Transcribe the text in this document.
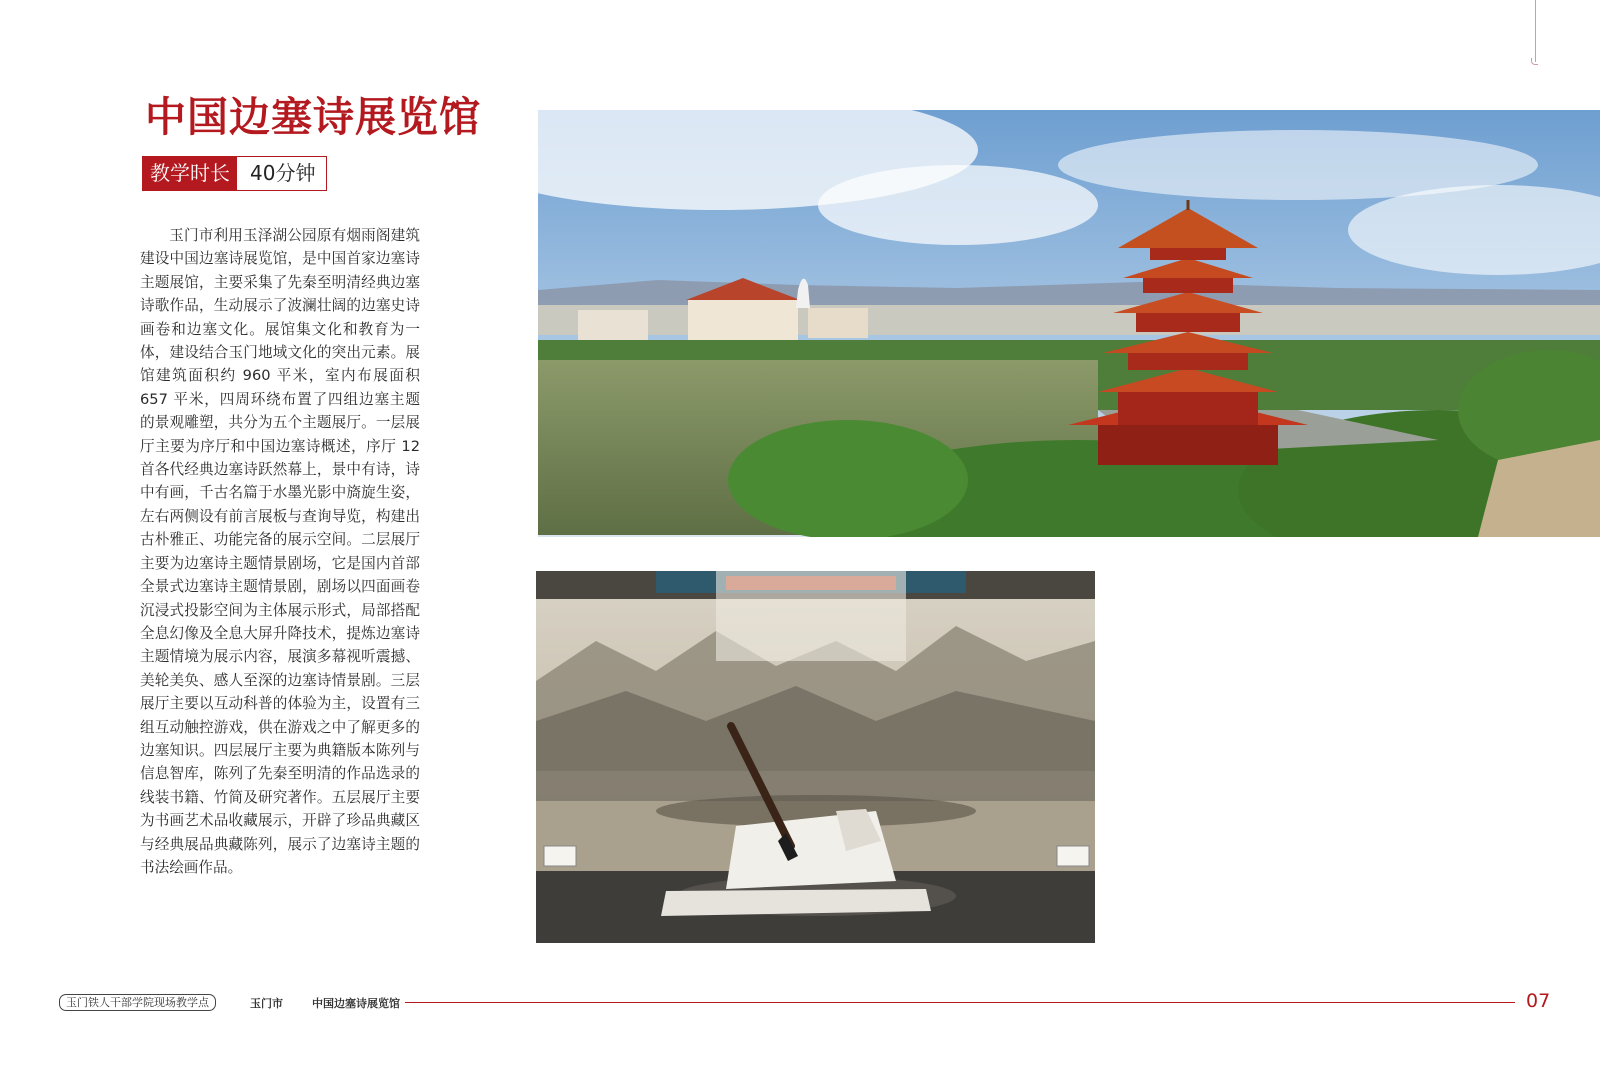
中国边塞诗展览馆
教学时长	40分钟
玉门市利用玉泽湖公园原有烟雨阁建筑建设中国边塞诗展览馆，是中国首家边塞诗主题展馆，主要采集了先秦至明清经典边塞诗歌作品，生动展示了波澜壮阔的边塞史诗画卷和边塞文化。展馆集文化和教育为一体，建设结合玉门地域文化的突出元素。展馆建筑面积约 960 平米，室内布展面积 657 平米，四周环绕布置了四组边塞主题的景观雕塑，共分为五个主题展厅。一层展厅主要为序厅和中国边塞诗概述，序厅 12 首各代经典边塞诗跃然幕上，景中有诗，诗中有画，千古名篇于水墨光影中旖旋生姿，左右两侧设有前言展板与查询导览，构建出古朴雅正、功能完备的展示空间。二层展厅主要为边塞诗主题情景剧场，它是国内首部全景式边塞诗主题情景剧，剧场以四面画卷沉浸式投影空间为主体展示形式，局部搭配全息幻像及全息大屏升降技术，提炼边塞诗主题情境为展示内容，展演多幕视听震撼、美轮美奂、感人至深的边塞诗情景剧。三层展厅主要以互动科普的体验为主，设置有三组互动触控游戏，供在游戏之中了解更多的边塞知识。四层展厅主要为典籍版本陈列与信息智库，陈列了先秦至明清的作品选录的线装书籍、竹简及研究著作。五层展厅主要为书画艺术品收藏展示，开辟了珍品典藏区与经典展品典藏陈列，展示了边塞诗主题的书法绘画作品。
玉门铁人干部学院现场教学点	玉门市	中国边塞诗展览馆	07
